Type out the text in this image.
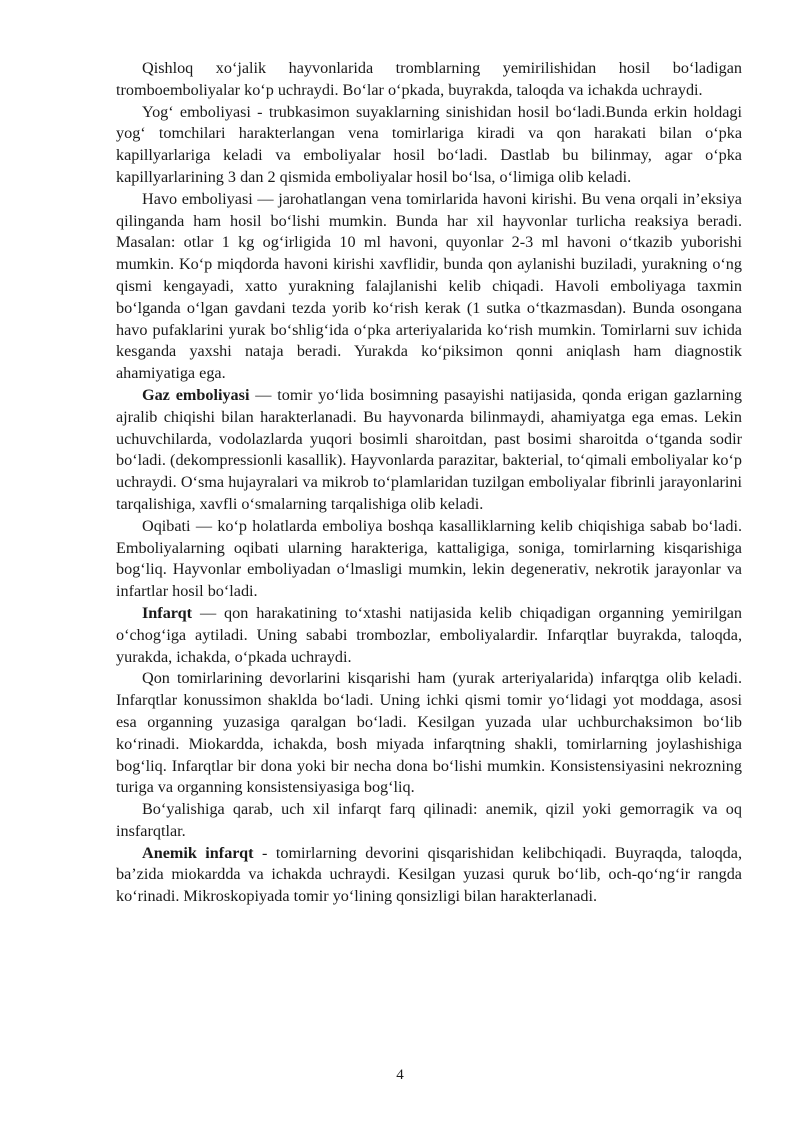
Qishloq xo‘jalik hayvonlarida tromblarning yemirilishidan hosil bo‘ladigan tromboemboliyalar ko‘p uchraydi. Bo‘lar o‘pkada, buyrakda, taloqda va ichakda uchraydi.

Yog‘ emboliyasi - trubkasimon suyaklarning sinishidan hosil bo‘ladi.Bunda erkin holdagi yog‘ tomchilari harakterlangan vena tomirlariga kiradi va qon harakati bilan o‘pka kapillyarlariga keladi va emboliyalar hosil bo‘ladi. Dastlab bu bilinmay, agar o‘pka kapillyarlarining 3 dan 2 qismida emboliyalar hosil bo‘lsa, o‘limiga olib keladi.

Havo emboliyasi — jarohatlangan vena tomirlarida havoni kirishi. Bu vena orqali in’eksiya qilinganda ham hosil bo‘lishi mumkin. Bunda har xil hayvonlar turlicha reaksiya beradi. Masalan: otlar 1 kg og‘irligida 10 ml havoni, quyonlar 2-3 ml havoni o‘tkazib yuborishi mumkin. Ko‘p miqdorda havoni kirishi xavflidir, bunda qon aylanishi buziladi, yurakning o‘ng qismi kengayadi, xatto yurakning falajlanishi kelib chiqadi. Havoli emboliyaga taxmin bo‘lganda o‘lgan gavdani tezda yorib ko‘rish kerak (1 sutka o‘tkazmasdan). Bunda osongana havo pufaklarini yurak bo‘shlig‘ida o‘pka arteriyalarida ko‘rish mumkin. Tomirlarni suv ichida kesganda yaxshi nataja beradi. Yurakda ko‘piksimon qonni aniqlash ham diagnostik ahamiyatiga ega.

Gaz emboliyasi — tomir yo‘lida bosimning pasayishi natijasida, qonda erigan gazlarning ajralib chiqishi bilan harakterlanadi. Bu hayvonarda bilinmaydi, ahamiyatga ega emas. Lekin uchuvchilarda, vodolazlarda yuqori bosimli sharoitdan, past bosimi sharoitda o‘tganda sodir bo‘ladi. (dekompressionli kasallik). Hayvonlarda parazitar, bakterial, to‘qimali emboliyalar ko‘p uchraydi. O‘sma hujayralari va mikrob to‘plamlaridan tuzilgan emboliyalar fibrinli jarayonlarini tarqalishiga, xavfli o‘smalarning tarqalishiga olib keladi.

Oqibati — ko‘p holatlarda emboliya boshqa kasalliklarning kelib chiqishiga sabab bo‘ladi. Emboliyalarning oqibati ularning harakteriga, kattaligiga, soniga, tomirlarning kisqarishiga bog‘liq. Hayvonlar emboliyadan o‘lmasligi mumkin, lekin degenerativ, nekrotik jarayonlar va infartlar hosil bo‘ladi.

Infarqt — qon harakatining to‘xtashi natijasida kelib chiqadigan organning yemirilgan o‘chog‘iga aytiladi. Uning sababi trombozlar, emboliyalardir. Infarqtlar buyrakda, taloqda, yurakda, ichakda, o‘pkada uchraydi.

Qon tomirlarining devorlarini kisqarishi ham (yurak arteriyalarida) infarqtga olib keladi. Infarqtlar konussimon shaklda bo‘ladi. Uning ichki qismi tomir yo‘lidagi yot moddaga, asosi esa organning yuzasiga qaralgan bo‘ladi. Kesilgan yuzada ular uchburchaksimon bo‘lib ko‘rinadi. Miokardda, ichakda, bosh miyada infarqtning shakli, tomirlarning joylashishiga bog‘liq. Infarqtlar bir dona yoki bir necha dona bo‘lishi mumkin. Konsistensiyasini nekrozning turiga va organning konsistensiyasiga bog‘liq.

Bo‘yalishiga qarab, uch xil infarqt farq qilinadi: anemik, qizil yoki gemorragik va oq insfarqtlar.

Anemik infarqt - tomirlarning devorini qisqarishidan kelibchiqadi. Buyraqda, taloqda, ba’zida miokardda va ichakda uchraydi. Kesilgan yuzasi quruk bo‘lib, och-qo‘ng‘ir rangda ko‘rinadi. Mikroskopiyada tomir yo‘lining qonsizligi bilan harakterlanadi.

4
